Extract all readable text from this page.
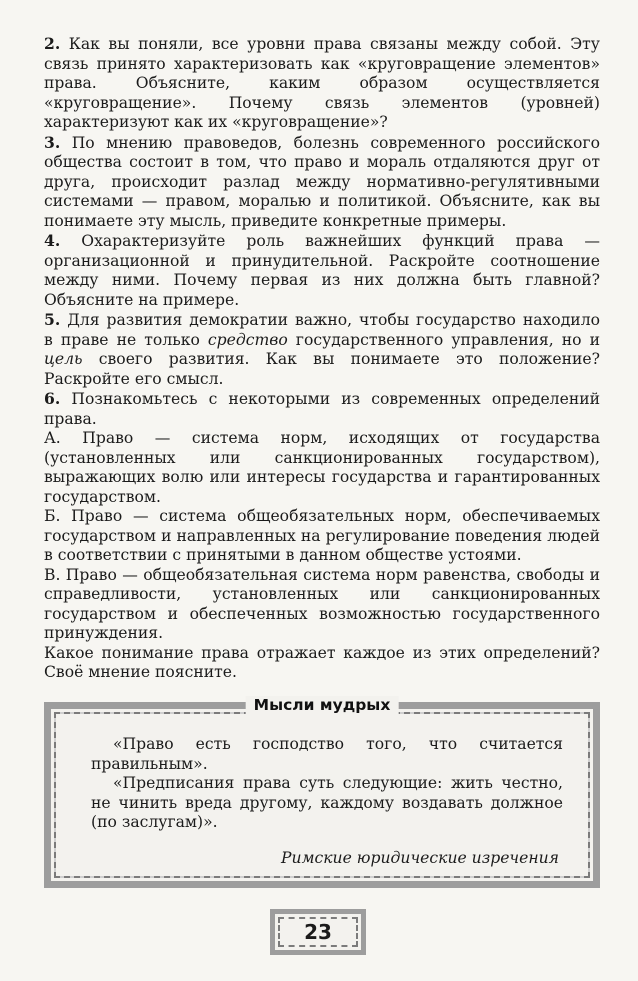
2. Как вы поняли, все уровни права связаны между собой. Эту связь принято характеризовать как «круговращение элементов» права. Объясните, каким образом осуществляется «круговращение». Почему связь элементов (уровней) характеризуют как их «круговращение»?

3. По мнению правоведов, болезнь современного российского общества состоит в том, что право и мораль отдаляются друг от друга, происходит разлад между нормативно-регулятивными системами — правом, моралью и политикой. Объясните, как вы понимаете эту мысль, приведите конкретные примеры.

4. Охарактеризуйте роль важнейших функций права — организационной и принудительной. Раскройте соотношение между ними. Почему первая из них должна быть главной? Объясните на примере.

5. Для развития демократии важно, чтобы государство находило в праве не только средство государственного управления, но и цель своего развития. Как вы понимаете это положение? Раскройте его смысл.

6. Познакомьтесь с некоторыми из современных определений права.

А. Право — система норм, исходящих от государства (установленных или санкционированных государством), выражающих волю или интересы государства и гарантированных государством.

Б. Право — система общеобязательных норм, обеспечиваемых государством и направленных на регулирование поведения людей в соответствии с принятыми в данном обществе устоями.

В. Право — общеобязательная система норм равенства, свободы и справедливости, установленных или санкционированных государством и обеспеченных возможностью государственного принуждения.

Какое понимание права отражает каждое из этих определений? Своё мнение поясните.

Мысли мудрых

«Право есть господство того, что считается правильным».

«Предписания права суть следующие: жить честно, не чинить вреда другому, каждому воздавать должное (по заслугам)».

Римские юридические изречения
23
